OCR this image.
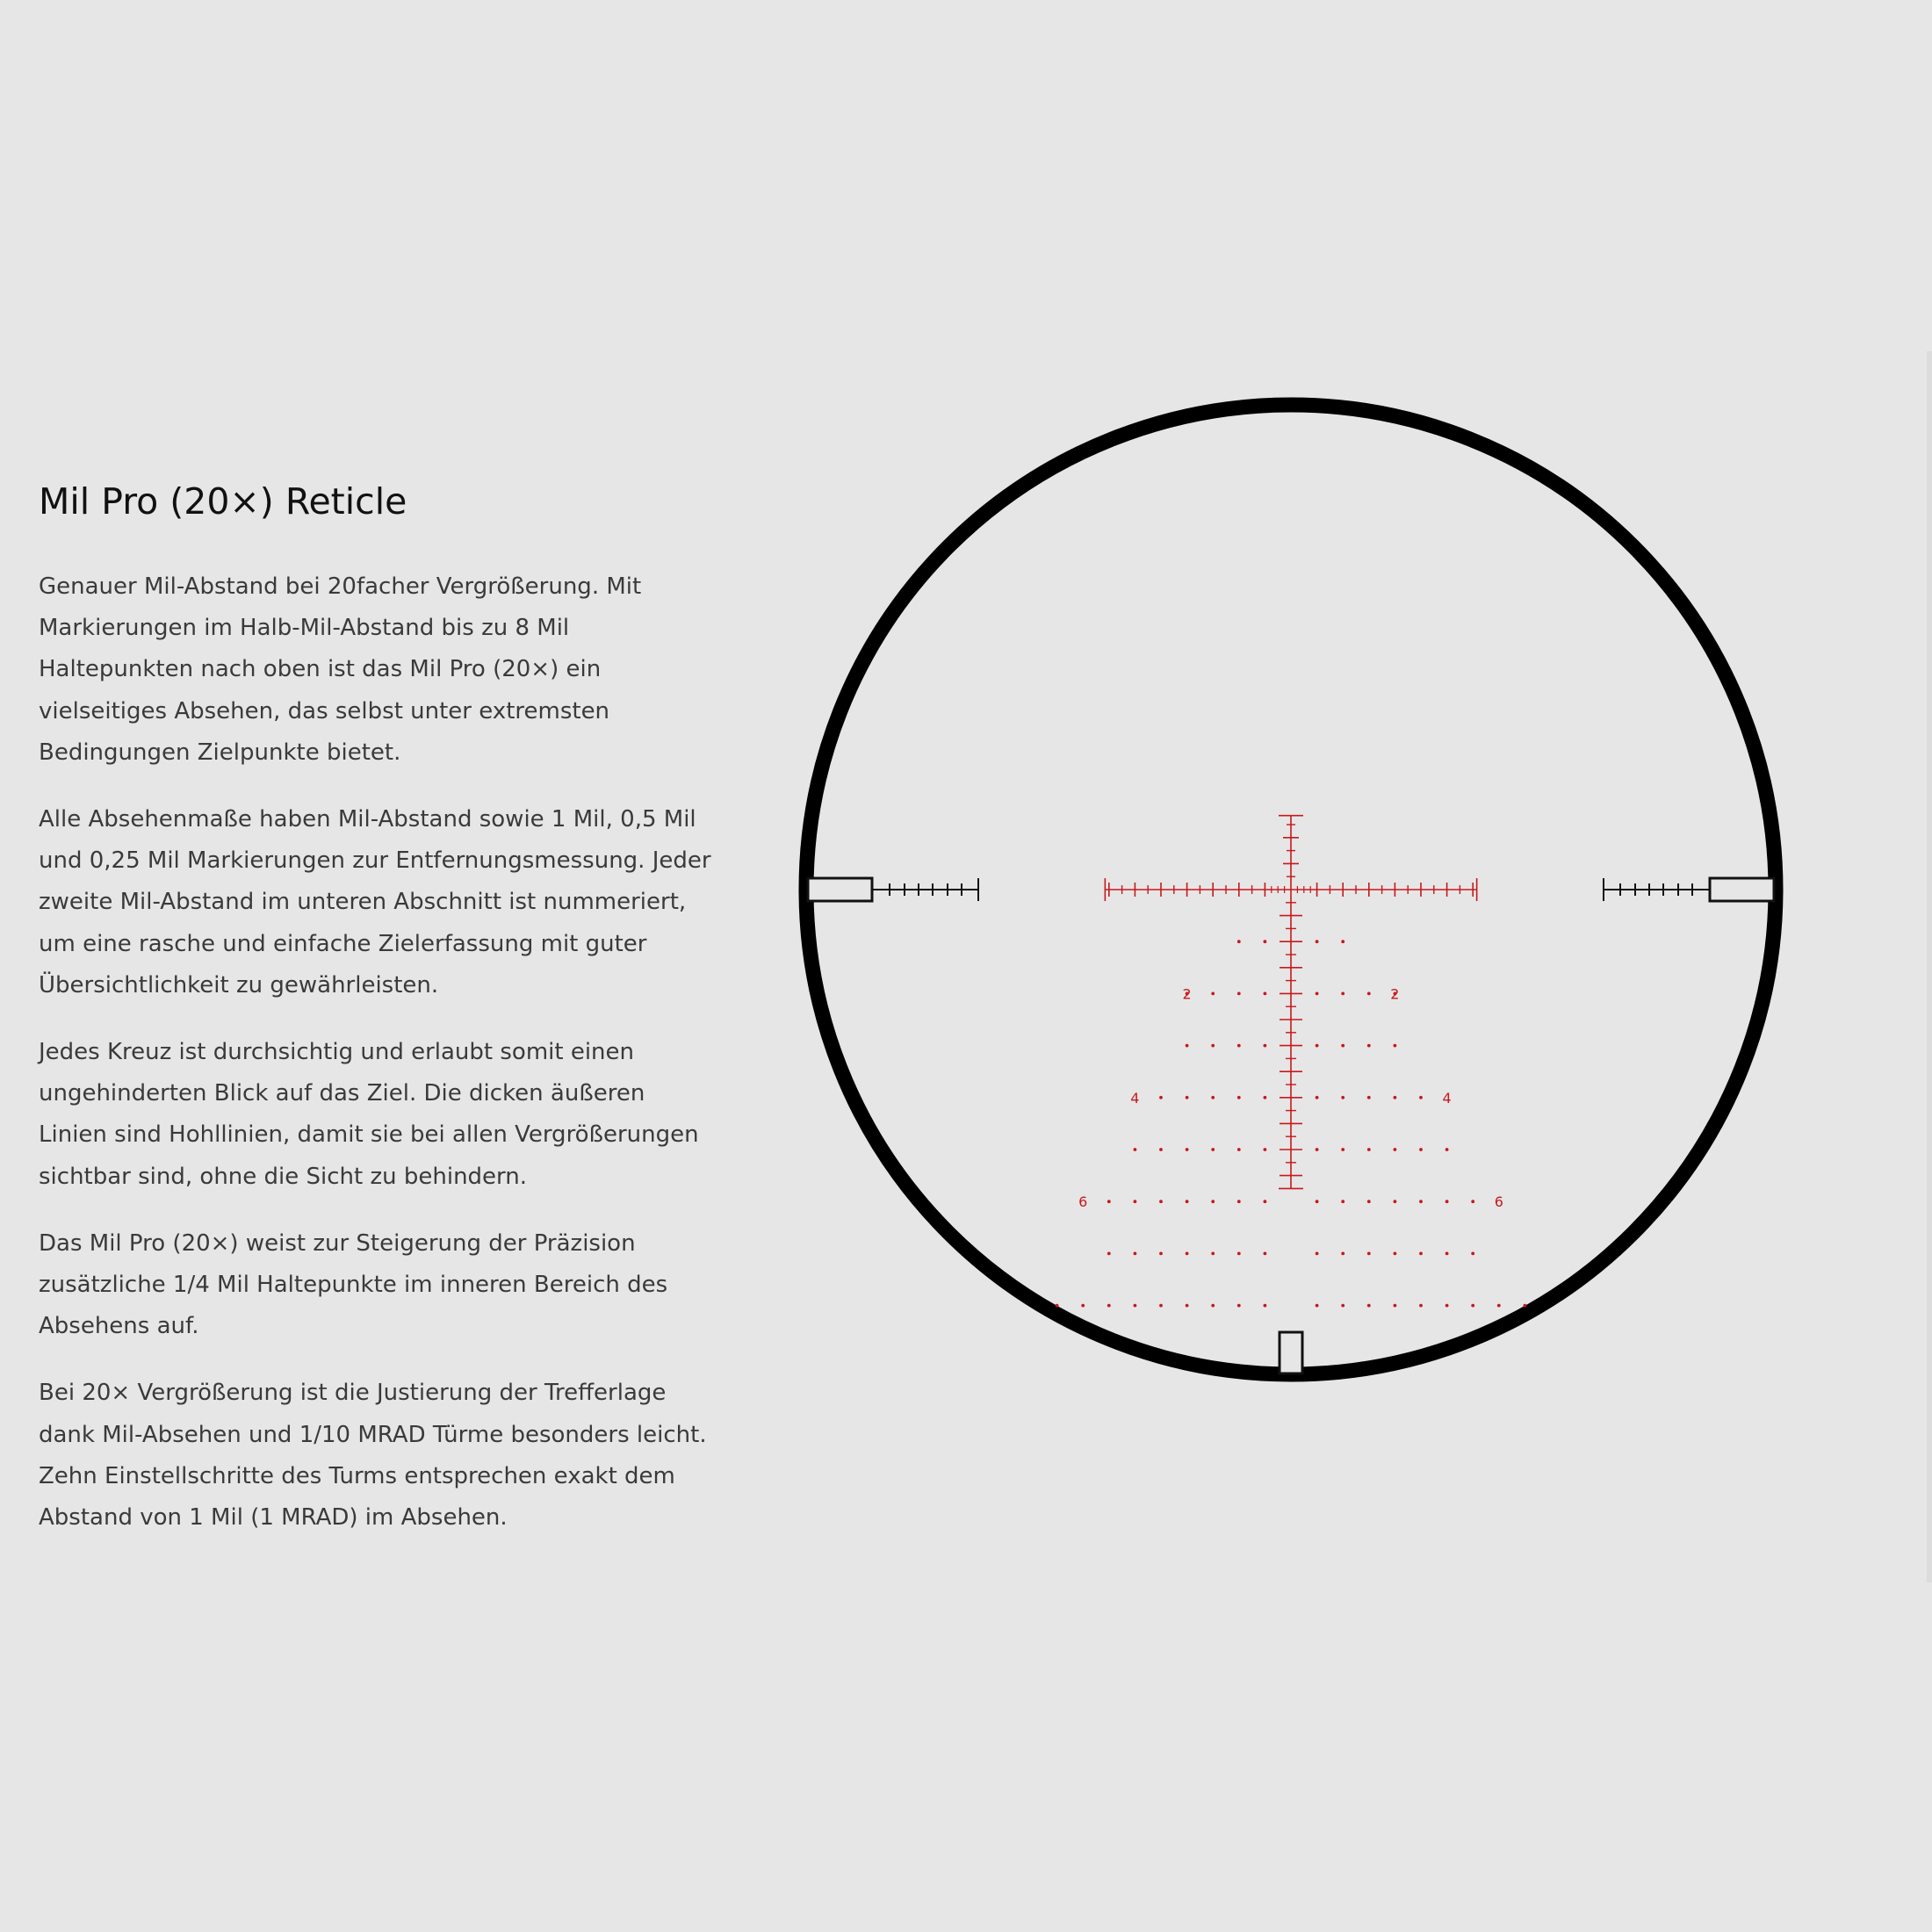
Mil Pro (20×) Reticle

Genauer Mil-Abstand bei 20facher Vergrößerung. Mit Markierungen im Halb-Mil-Abstand bis zu 8 Mil Haltepunkten nach oben ist das Mil Pro (20×) ein vielseitiges Absehen, das selbst unter extremsten Bedingungen Zielpunkte bietet.

Alle Absehenmaße haben Mil-Abstand sowie 1 Mil, 0,5 Mil und 0,25 Mil Markierungen zur Entfernungsmessung. Jeder zweite Mil-Abstand im unteren Abschnitt ist nummeriert, um eine rasche und einfache Zielerfassung mit guter Übersichtlichkeit zu gewährleisten.

Jedes Kreuz ist durchsichtig und erlaubt somit einen ungehinderten Blick auf das Ziel. Die dicken äußeren Linien sind Hohllinien, damit sie bei allen Vergrößerungen sichtbar sind, ohne die Sicht zu behindern.

Das Mil Pro (20×) weist zur Steigerung der Präzision zusätzliche 1/4 Mil Haltepunkte im inneren Bereich des Absehens auf.

Bei 20× Vergrößerung ist die Justierung der Trefferlage dank Mil-Absehen und 1/10 MRAD Türme besonders leicht. Zehn Einstellschritte des Turms entsprechen exakt dem Abstand von 1 Mil (1 MRAD) im Absehen.

2	2
4	4
6	6
